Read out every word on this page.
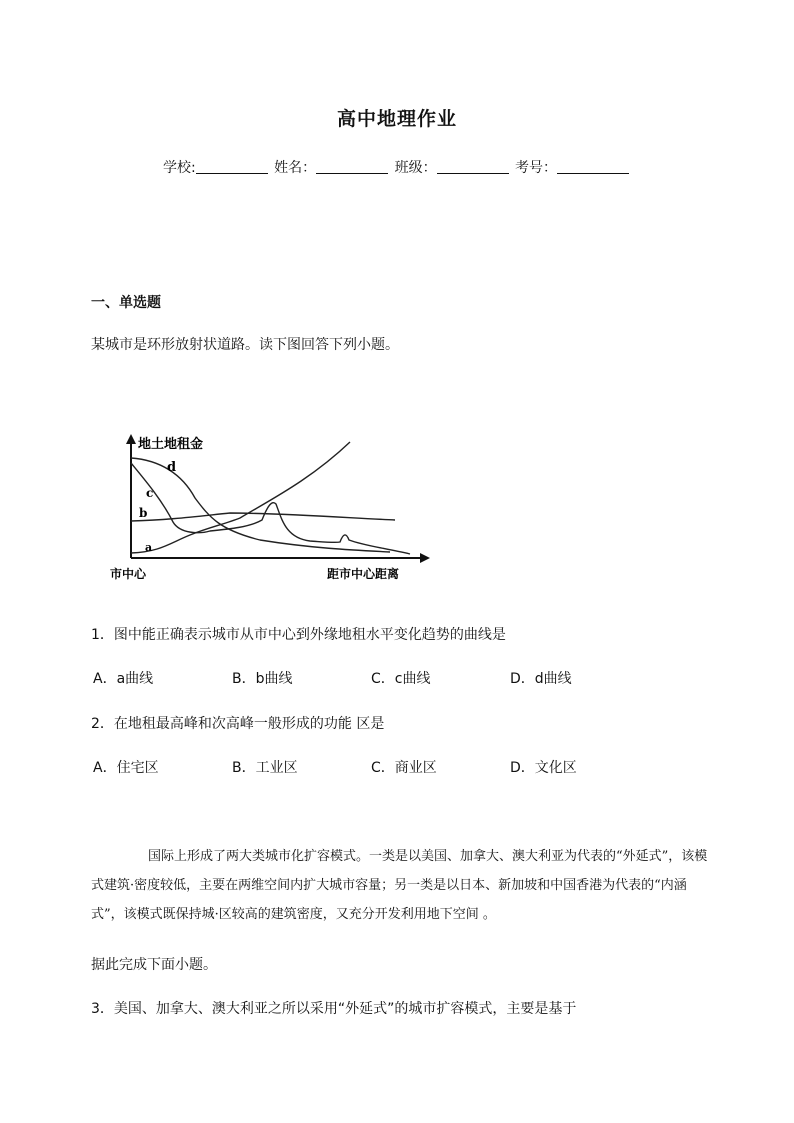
高中地理作业
学校:	姓名：	班级：	考号：
一、单选题
某城市是环形放射状道路。读下图回答下列小题。
地土地租金
市中心	距市中心距离
a
b
c
d
1．图中能正确表示城市从市中心到外缘地租水平变化趋势的曲线是
A．a曲线	B．b曲线	C．c曲线	D．d曲线
2．在地租最高峰和次高峰一般形成的功能 区是
A．住宅区	B．工业区	C．商业区	D．文化区

国际上形成了两大类城市化扩容模式。一类是以美国、加拿大、澳大利亚为代表的“外延式”，该模式建筑·密度较低，主要在两维空间内扩大城市容量；另一类是以日本、新加坡和中国香港为代表的“内涵式”，该模式既保持城·区较高的建筑密度，又充分开发利用地下空间 。

据此完成下面小题。
3．美国、加拿大、澳大利亚之所以采用“外延式”的城市扩容模式，主要是基于
